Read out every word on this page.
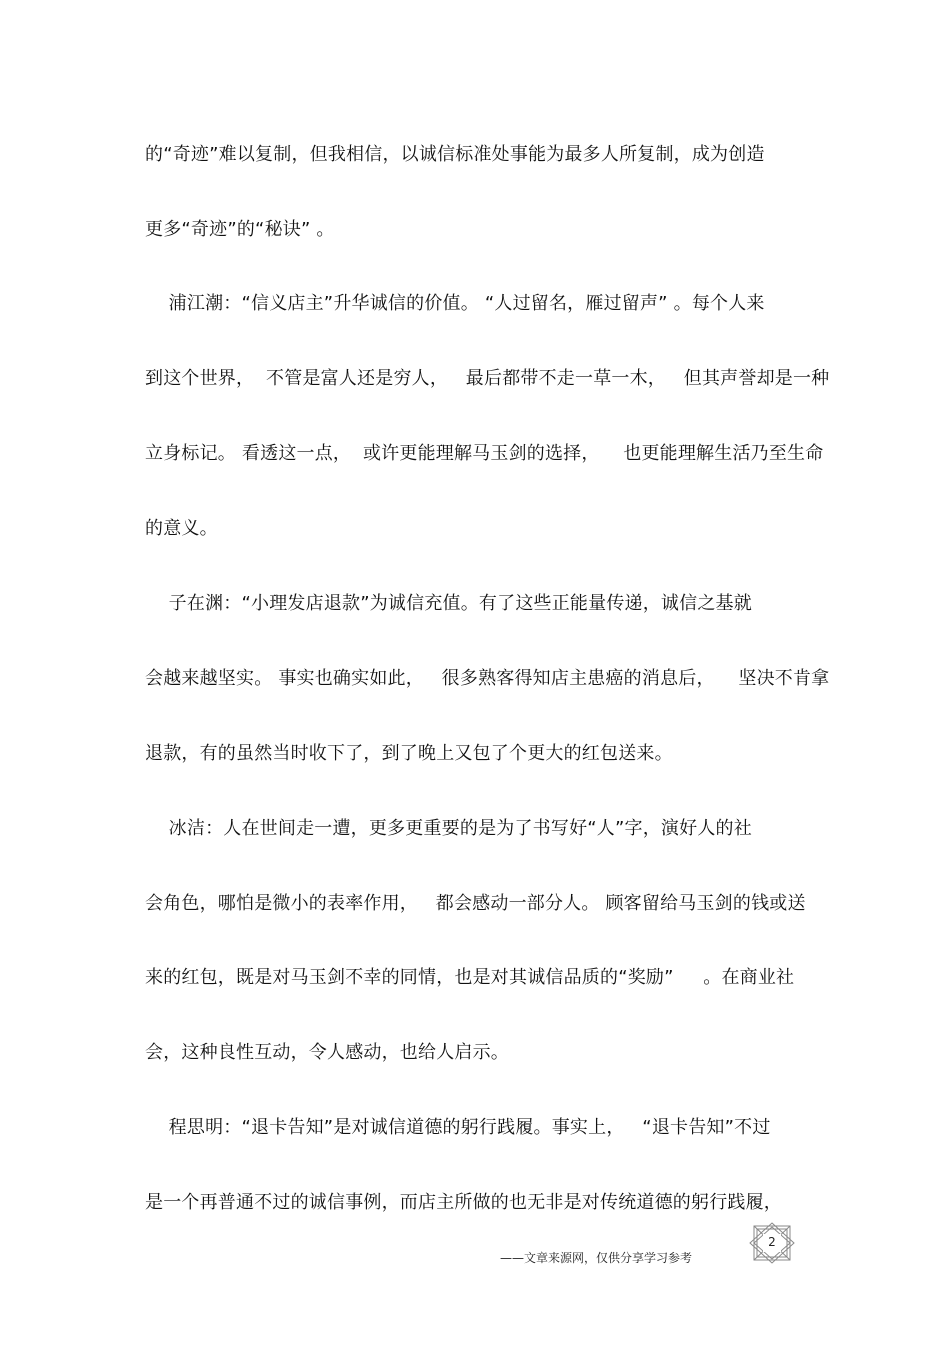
的“奇迹”难以复制，但我相信，以诚信标准处事能为最多人所复制，成为创造
更多“奇迹”的“秘诀” 。
浦江潮：“信义店主”升华诚信的价值。 “人过留名，雁过留声” 。每个人来
到这个世界，  不管是富人还是穷人，   最后都带不走一草一木，   但其声誉却是一种
立身标记。 看透这一点，  或许更能理解马玉剑的选择，    也更能理解生活乃至生命
的意义。
子在渊：“小理发店退款”为诚信充值。有了这些正能量传递，诚信之基就
会越来越坚实。 事实也确实如此，   很多熟客得知店主患癌的消息后，    坚决不肯拿
退款，有的虽然当时收下了，到了晚上又包了个更大的红包送来。
冰洁：人在世间走一遭，更多更重要的是为了书写好“人”字，演好人的社
会角色，哪怕是微小的表率作用，   都会感动一部分人。 顾客留给马玉剑的钱或送
来的红包，既是对马玉剑不幸的同情，也是对其诚信品质的“奖励”     。在商业社
会，这种良性互动，令人感动，也给人启示。
程思明：“退卡告知”是对诚信道德的躬行践履。事实上，   “退卡告知”不过
是一个再普通不过的诚信事例，而店主所做的也无非是对传统道德的躬行践履，
——文章来源网，仅供分享学习参考
2
